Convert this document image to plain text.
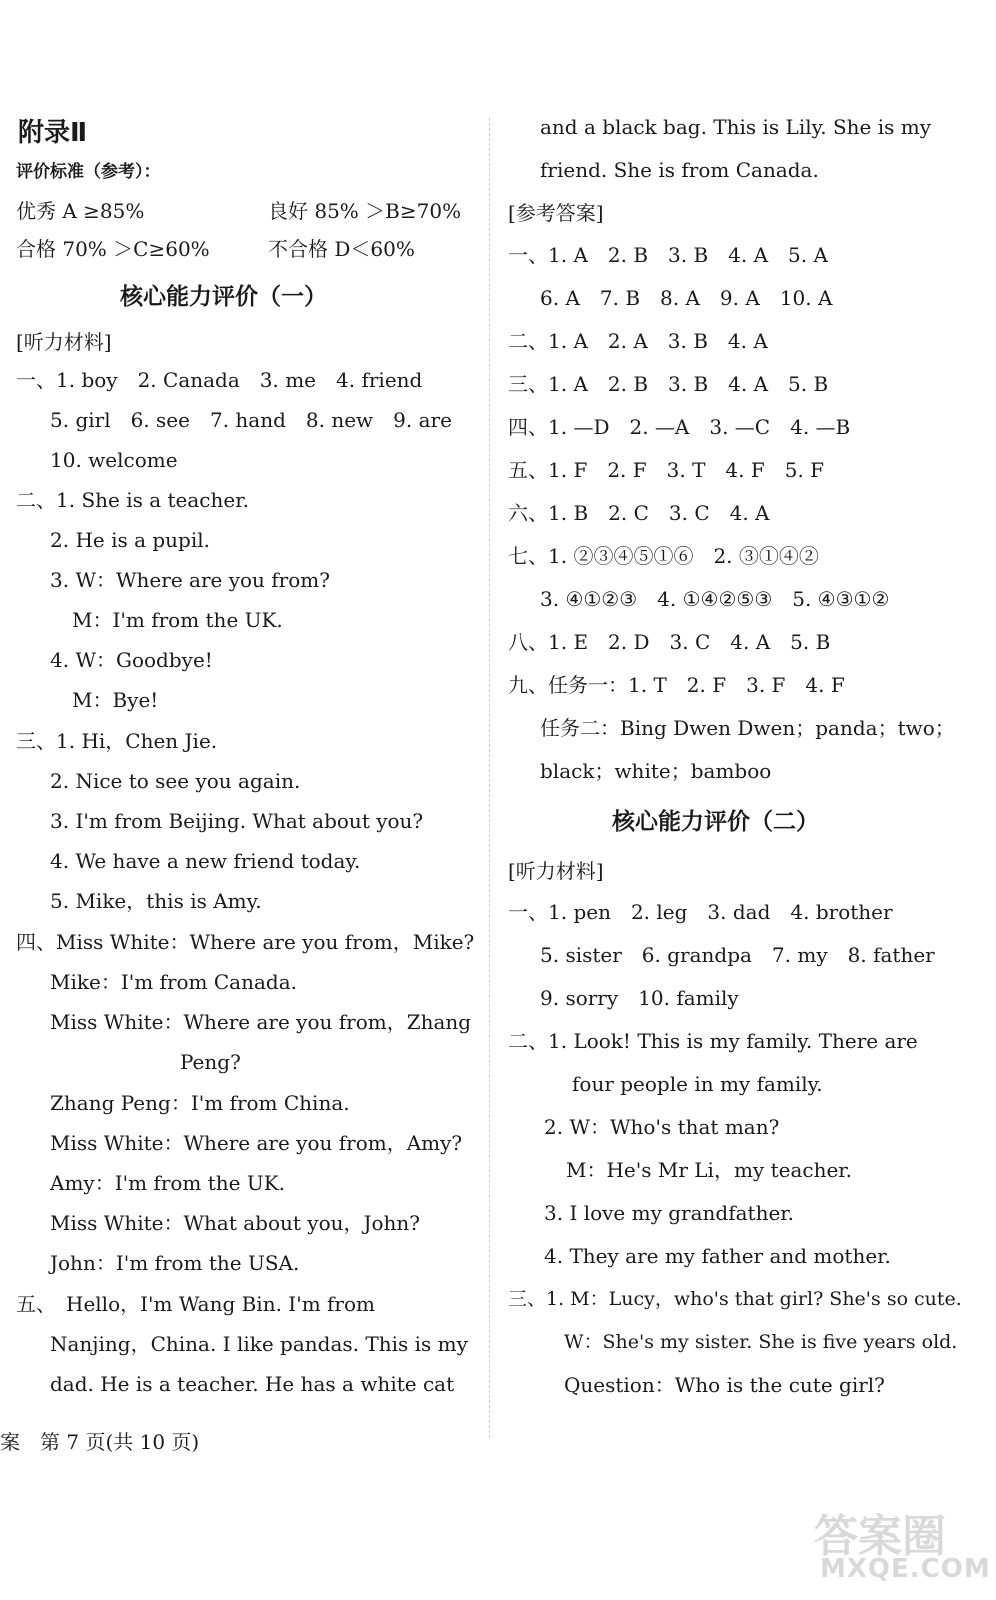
附录Ⅱ
评价标准（参考）：
优秀 A ≥85%	良好 85% ＞B≥70%
合格 70% ＞C≥60%	不合格 D＜60%
核心能力评价（一）
[听力材料]
一、1. boy　2. Canada　3. me　4. friend
5. girl　6. see　7. hand　8. new　9. are
10. welcome
二、1. She is a teacher.
2. He is a pupil.
3. W：Where are you from?
M：I'm from the UK.
4. W：Goodbye!
M：Bye!
三、1. Hi，Chen Jie.
2. Nice to see you again.
3. I'm from Beijing. What about you?
4. We have a new friend today.
5. Mike，this is Amy.
四、Miss White：Where are you from，Mike?
Mike：I'm from Canada.
Miss White：Where are you from，Zhang
Peng?
Zhang Peng：I'm from China.
Miss White：Where are you from，Amy?
Amy：I'm from the UK.
Miss White：What about you，John?
John：I'm from the USA.
五、　Hello，I'm Wang Bin. I'm from
Nanjing，China. I like pandas. This is my
dad. He is a teacher. He has a white cat
案　第 7 页(共 10 页)
and a black bag. This is Lily. She is my
friend. She is from Canada.
[参考答案]
一、1. A　2. B　3. B　4. A　5. A
6. A　7. B　8. A　9. A　10. A
二、1. A　2. A　3. B　4. A
三、1. A　2. B　3. B　4. A　5. B
四、1. —D　2. —A　3. —C　4. —B
五、1. F　2. F　3. T　4. F　5. F
六、1. B　2. C　3. C　4. A
七、1. ②③④⑤①⑥　2. ③①④②
3. ④①②③　4. ①④②⑤③　5. ④③①②
八、1. E　2. D　3. C　4. A　5. B
九、任务一：1. T　2. F　3. F　4. F
任务二：Bing Dwen Dwen；panda；two；
black；white；bamboo
核心能力评价（二）
[听力材料]
一、1. pen　2. leg　3. dad　4. brother
5. sister　6. grandpa　7. my　8. father
9. sorry　10. family
二、1. Look! This is my family. There are
four people in my family.
2. W：Who's that man?
M：He's Mr Li，my teacher.
3. I love my grandfather.
4. They are my father and mother.
三、1. M：Lucy，who's that girl? She's so cute.
W：She's my sister. She is five years old.
Question：Who is the cute girl?
答案圈
MXQE.COM
